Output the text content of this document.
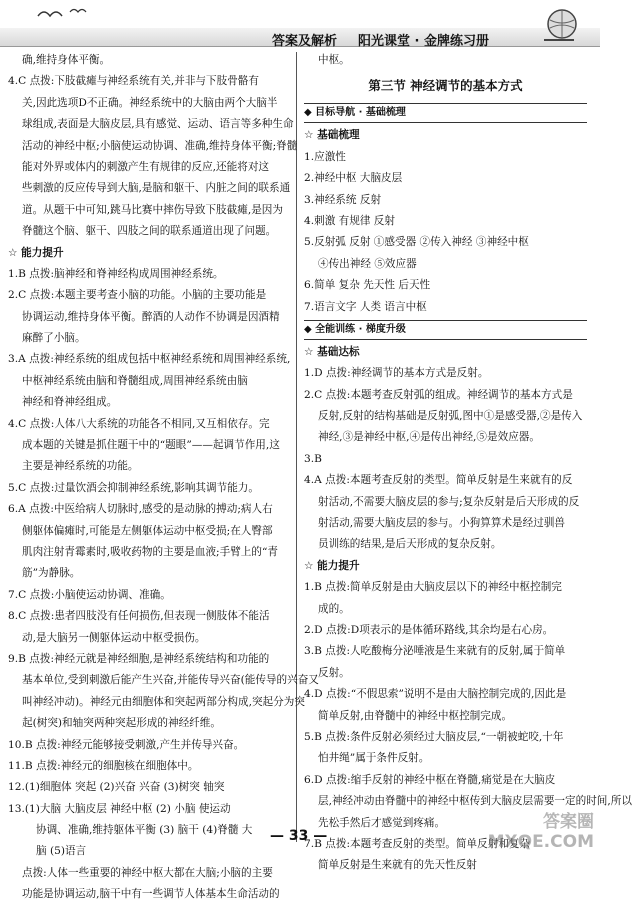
答案及解析 阳光课堂 · 金牌练习册
确,维持身体平衡。
4.C 点拨:下肢截瘫与神经系统有关,并非与下肢骨骼有
关,因此选项D不正确。神经系统中的大脑由两个大脑半
球组成,表面是大脑皮层,具有感觉、运动、语言等多种生命
活动的神经中枢;小脑使运动协调、准确,维持身体平衡;脊髓
能对外界或体内的刺激产生有规律的反应,还能将对这
些刺激的反应传导到大脑,是脑和躯干、内脏之间的联系通
道。从题干中可知,跳马比赛中摔伤导致下肢截瘫,是因为
脊髓这个脑、躯干、四肢之间的联系通道出现了问题。
☆ 能力提升
1.B 点拨:脑神经和脊神经构成周围神经系统。
2.C 点拨:本题主要考查小脑的功能。小脑的主要功能是
协调运动,维持身体平衡。醉酒的人动作不协调是因酒精
麻醉了小脑。
3.A 点拨:神经系统的组成包括中枢神经系统和周围神经系统,
中枢神经系统由脑和脊髓组成,周围神经系统由脑
神经和脊神经组成。
4.C 点拨:人体八大系统的功能各不相同,又互相依存。完
成本题的关键是抓住题干中的“题眼”——起调节作用,这
主要是神经系统的功能。
5.C 点拨:过量饮酒会抑制神经系统,影响其调节能力。
6.A 点拨:中医给病人切脉时,感受的是动脉的搏动;病人右
侧躯体偏瘫时,可能是左侧躯体运动中枢受损;在人臀部
肌肉注射青霉素时,吸收药物的主要是血液;手臂上的“青
筋”为静脉。
7.C 点拨:小脑使运动协调、准确。
8.C 点拨:患者四肢没有任何损伤,但表现一侧肢体不能活
动,是大脑另一侧躯体运动中枢受损伤。
9.B 点拨:神经元就是神经细胞,是神经系统结构和功能的
基本单位,受到刺激后能产生兴奋,并能传导兴奋(能传导的兴奋又
叫神经冲动)。神经元由细胞体和突起两部分构成,突起分为突
起(树突)和轴突两种突起形成的神经纤维。
10.B 点拨:神经元能够接受刺激,产生并传导兴奋。
11.B 点拨:神经元的细胞核在细胞体中。
12.(1)细胞体 突起 (2)兴奋 兴奋 (3)树突 轴突
13.(1)大脑 大脑皮层 神经中枢 (2) 小脑 使运动
协调、准确,维持躯体平衡 (3) 脑干 (4)脊髓 大
脑 (5)语言
点拨:人体一些重要的神经中枢大都在大脑;小脑的主要
功能是协调运动,脑干中有一些调节人体基本生命活动的
中枢。
第三节 神经调节的基本方式
◆ 目标导航 · 基础梳理
☆ 基础梳理
1.应激性
2.神经中枢 大脑皮层
3.神经系统 反射
4.刺激 有规律 反射
5.反射弧 反射 ①感受器 ②传入神经 ③神经中枢
④传出神经 ⑤效应器
6.简单 复杂 先天性 后天性
7.语言文字 人类 语言中枢
◆ 全能训练 · 梯度升级
☆ 基础达标
1.D 点拨:神经调节的基本方式是反射。
2.C 点拨:本题考查反射弧的组成。神经调节的基本方式是
反射,反射的结构基础是反射弧,图中①是感受器,②是传入
神经,③是神经中枢,④是传出神经,⑤是效应器。
3.B
4.A 点拨:本题考查反射的类型。简单反射是生来就有的反
射活动,不需要大脑皮层的参与;复杂反射是后天形成的反
射活动,需要大脑皮层的参与。小狗算算术是经过驯兽
员训练的结果,是后天形成的复杂反射。
☆ 能力提升
1.B 点拨:简单反射是由大脑皮层以下的神经中枢控制完
成的。
2.D 点拨:D项表示的是体循环路线,其余均是右心房。
3.B 点拨:人吃酸梅分泌唾液是生来就有的反射,属于简单
反射。
4.D 点拨:“不假思索”说明不是由大脑控制完成的,因此是
简单反射,由脊髓中的神经中枢控制完成。
5.B 点拨:条件反射必须经过大脑皮层,“一朝被蛇咬,十年
怕井绳”属于条件反射。
6.D 点拨:缩手反射的神经中枢在脊髓,痛觉是在大脑皮
层,神经冲动由脊髓中的神经中枢传到大脑皮层需要一定的时间,所以
先松手然后才感觉到疼痛。
7.B 点拨:本题考查反射的类型。简单反射和复杂
简单反射是生来就有的先天性反射
— 33 —
答案圈
MXQE.COM
